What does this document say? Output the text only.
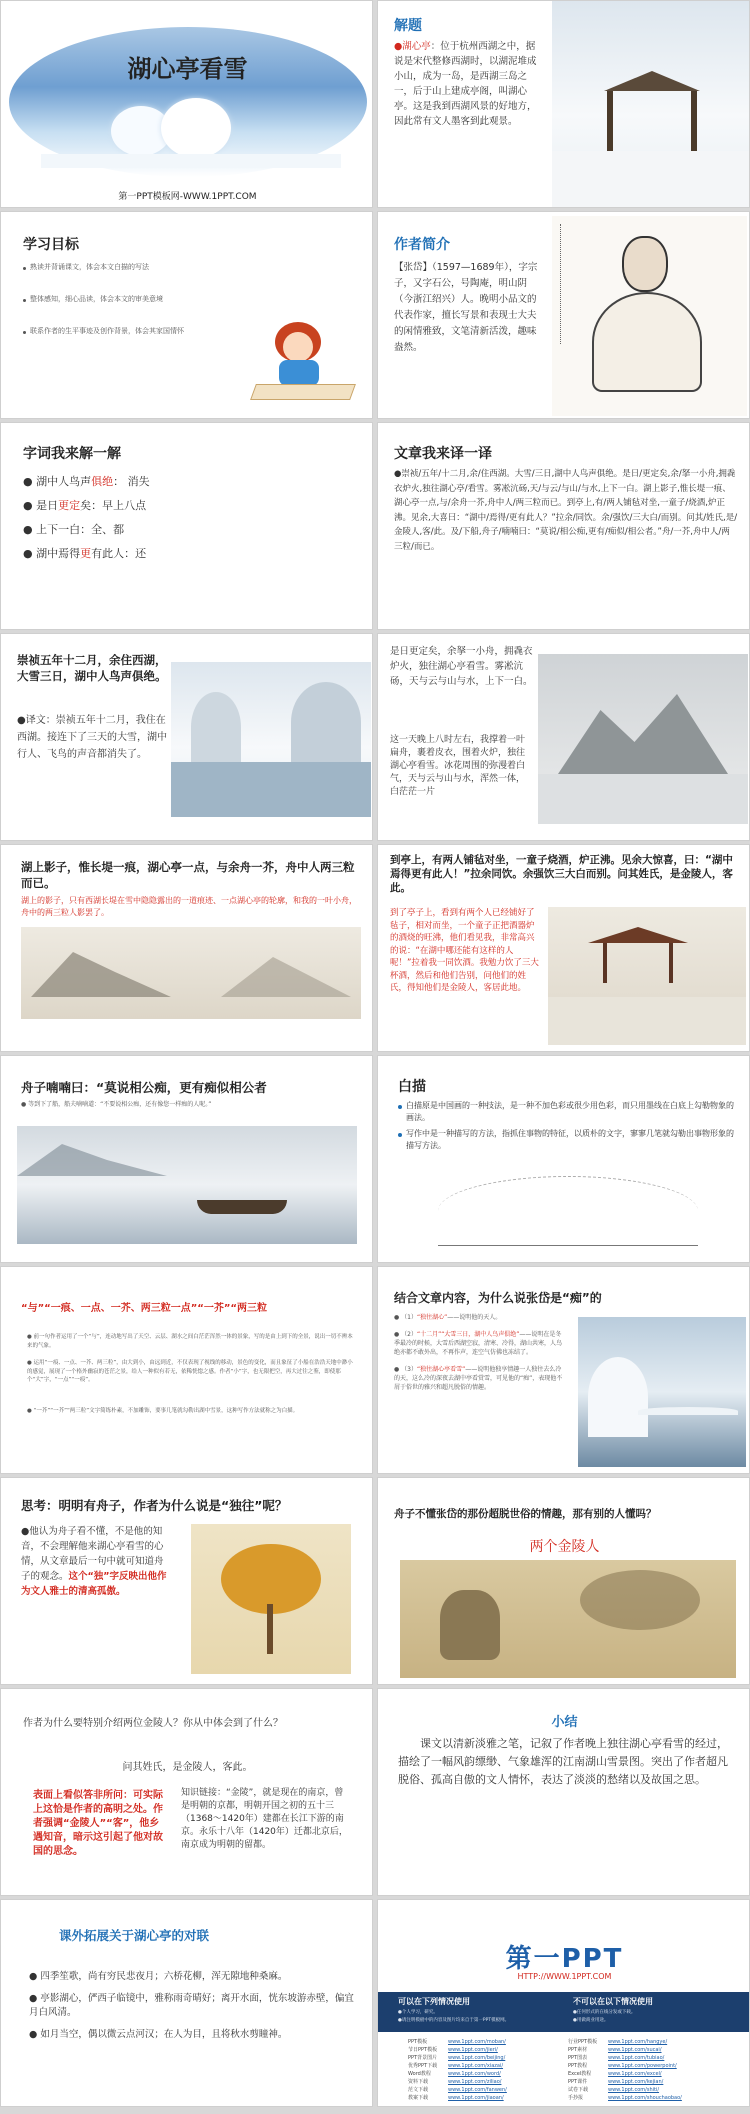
湖心亭看雪
第一PPT模板网-WWW.1PPT.COM
解题
●湖心亭：位于杭州西湖之中，据说是宋代整修西湖时，以湖泥堆成小山，成为一岛，是西湖三岛之一，后于山上建成亭阁，叫湖心亭。这是我到西湖风景的好地方，因此常有文人墨客到此观景。
学习目标
熟读并背诵课文，体会本文白描的写法
整体感知，细心品读，体会本文的审美意境
联系作者的生平事迹及创作背景，体会其家国情怀
作者简介
【张岱】（1597—1689年），字宗子，又字石公，号陶庵，明山阴（今浙江绍兴）人。晚明小品文的代表作家，擅长写景和表现士大夫的闲情雅致，文笔清新活泼，趣味盎然。
字词我来解一解
● 湖中人鸟声俱绝： 消失
● 是日更定矣：早上八点
● 上下一白：全、都
● 湖中焉得更有此人：还
文章我来译一译
●崇祯/五年/十二月,余/住西湖。大雪/三日,湖中人鸟声俱绝。是日/更定矣,余/拏一小舟,拥毳衣炉火,独往湖心亭/看雪。雾凇沆砀,天/与云/与山/与水,上下一白。湖上影子,惟长堤一痕、湖心亭一点,与/余舟一芥,舟中人/两三粒而已。到亭上,有/两人铺毡对坐,一童子/烧酒,炉正沸。见余,大喜曰：“湖中/焉得/更有此人？”拉余/同饮。余/强饮/三大白/而别。问其/姓氏,是/金陵人,客/此。及/下船,舟子/喃喃曰：“莫说/相公痴,更有/痴似/相公者。”舟/一芥,舟中人/两三粒/而已。
崇祯五年十二月，余住西湖，大雪三日，湖中人鸟声俱绝。
●译文：崇祯五年十二月，我住在西湖。接连下了三天的大雪，湖中行人、飞鸟的声音都消失了。
是日更定矣，余拏一小舟，拥毳衣炉火，独往湖心亭看雪。雾凇沆砀，天与云与山与水，上下一白。
这一天晚上八时左右，我撑着一叶扁舟，裹着皮衣，围着火炉，独往湖心亭看雪。冰花周围的弥漫着白气，天与云与山与水，浑然一体，白茫茫一片
湖上影子，惟长堤一痕，湖心亭一点，与余舟一芥，舟中人两三粒而已。
湖上的影子，只有西湖长堤在雪中隐隐露出的一道痕迹、一点湖心亭的轮廓，和我的一叶小舟，舟中的两三粒人影罢了。
到亭上，有两人铺毡对坐，一童子烧酒，炉正沸。见余大惊喜，曰：“湖中焉得更有此人！”拉余同饮。余强饮三大白而别。问其姓氏，是金陵人，客此。
到了亭子上，看到有两个人已经铺好了毡子，相对而坐，一个童子正把酒器炉的酒烧的旺沸，他们看见我，非常高兴的说：“在湖中哪还能有这样的人呢！”拉着我一同饮酒。我勉力饮了三大杯酒，然后和他们告别，问他们的姓氏，得知他们是金陵人，客居此地。
舟子喃喃曰：“莫说相公痴，更有痴似相公者
● 等到下了船，船夫喃喃道：“不要说相公痴，还有像您一样痴的人呢。”
白描
白描原是中国画的一种技法，是一种不加色彩或很少用色彩，而只用墨线在白底上勾勒物象的画法。
写作中是一种描写的方法，指抓住事物的特征，以质朴的文字，寥寥几笔就勾勒出事物形象的描写方法。
“与”“一痕、一点、一芥、两三粒一点”“一芥”“两三粒
● 前一句作者运用了一个“与”，连动地写出了天空、云层、湖水之间白茫茫浑然一体的景象，写的是由上到下的全景，说出一切不辨本来的气象。
● 运用“一痕、一点、一芥、两三粒”，由大到小，由远到近，不仅表现了视线的移动，景色的变化，而且象征了小船在浩浩天地中渺小的感觉，展现了一个格外幽寂的苍茫之景，给人一种似有若无，依稀恍惚之感。作者“小”字，也无限把空，再大过往之鉴，即使那个“大”字，“一点”“一痕”。
● “一芥”“一芥”“两三粒”文字简练朴素，不加雕饰，要事几笔就勾勒出湖中雪景，这种写作方法就称之为白描。
结合文章内容，为什么说张岱是“痴”的
● （1）“独往湖心”——说明他的天人。
● （2）“十二月”“大雪三日，湖中人鸟声俱绝”——说明在是冬季最冷的时候，大雪后西湖空寂，清寒、冷得，湖山共寒，人鸟绝亦都不敢外出，不再作声，连空气仿佛也冻结了。
● （3）“独往湖心亭看雪”——说明他独享情趣一人独往去么冷的天，这么冷的深夜去湖中亭看赏雪，可见他的“痴”，表现他不屑于俗世的雅兴和超凡脱俗的情趣。
思考：明明有舟子，作者为什么说是“独往”呢？
●他认为舟子看不懂，不是他的知音，不会理解他来湖心亭看雪的心情，从文章最后一句中就可知道舟子的观念。这个“独”字反映出他作为文人雅士的清高孤傲。
舟子不懂张岱的那份超脱世俗的情趣，那有别的人懂吗？
两个金陵人
作者为什么要特别介绍两位金陵人？你从中体会到了什么？
问其姓氏，是金陵人，客此。
表面上看似答非所问：可实际上这恰是作者的高明之处。作者强调“金陵人”“客”，他乡遇知音，暗示这引起了他对故国的思念。
知识链接：“金陵”，就是现在的南京，曾是明朝的京都，明朝开国之初的五十三（1368～1420年）建都在长江下游的南京。永乐十八年（1420年）迁都北京后，南京成为明朝的留都。
小结
课文以清新淡雅之笔，记叙了作者晚上独往湖心亭看雪的经过，描绘了一幅风韵缥缈、气象雄浑的江南湖山雪景图。突出了作者超凡脱俗、孤高自傲的文人情怀，表达了淡淡的愁绪以及故国之思。
课外拓展关于湖心亭的对联
● 四季笙歌，尚有穷民悲夜月；六桥花柳，浑无隙地种桑麻。
● 亭影湖心，俨西子临镜中，雅称雨奇晴好；离开水面，恍东坡游赤壁，偏宜月白风清。
● 如月当空，偶以微云点河汉；在人为目，且将秋水剪瞳神。
第一PPT
HTTP://WWW.1PPT.COM
可以在下列情况使用
●个人学习，研究。
●请注明模板中的内容及图片均来自于第一PPT模板网。
不可以在以下情况使用
●任何形式的在线分发或下载。
●用做商业用途。
PPT模板	www.1ppt.com/moban/	行业PPT模板	www.1ppt.com/hangye/
节日PPT模板	www.1ppt.com/jieri/	PPT素材	www.1ppt.com/sucai/
PPT背景图片	www.1ppt.com/beijing/	PPT图表	www.1ppt.com/tubiao/
优秀PPT下载	www.1ppt.com/xiazai/	PPT教程	www.1ppt.com/powerpoint/
Word教程	www.1ppt.com/word/	Excel教程	www.1ppt.com/excel/
资料下载	www.1ppt.com/ziliao/	PPT课件	www.1ppt.com/kejian/
范文下载	www.1ppt.com/fanwen/	试卷下载	www.1ppt.com/shiti/
教案下载	www.1ppt.com/jiaoan/	手抄报	www.1ppt.com/shouchaobao/
